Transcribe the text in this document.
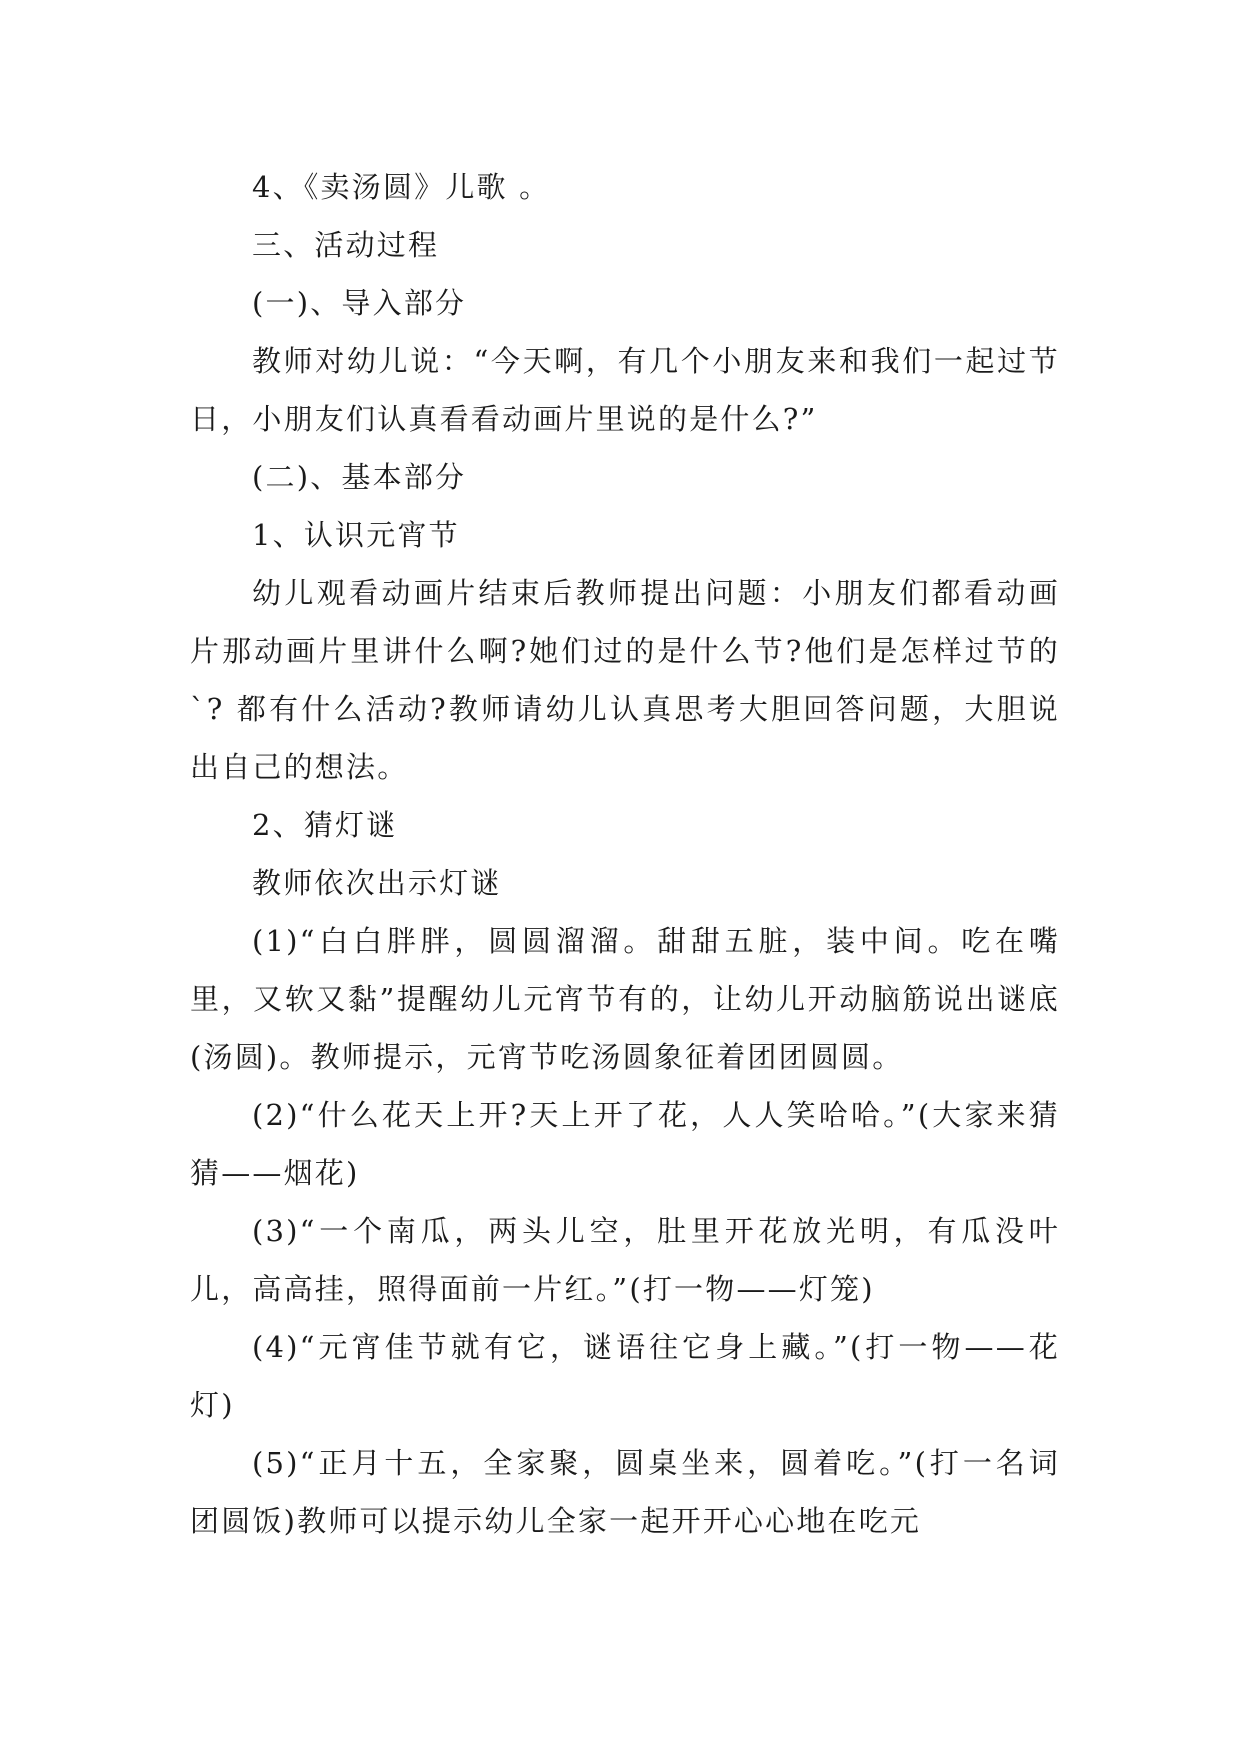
4、《卖汤圆》儿歌 。

三、活动过程

(一)、导入部分

教师对幼儿说：“今天啊，有几个小朋友来和我们一起过节日，小朋友们认真看看动画片里说的是什么?”

(二)、基本部分

1、认识元宵节

幼儿观看动画片结束后教师提出问题：小朋友们都看动画片那动画片里讲什么啊?她们过的是什么节?他们是怎样过节的`? 都有什么活动?教师请幼儿认真思考大胆回答问题，大胆说出自己的想法。

2、猜灯谜

教师依次出示灯谜

(1)“白白胖胖，圆圆溜溜。甜甜五脏，装中间。吃在嘴里，又软又黏”提醒幼儿元宵节有的，让幼儿开动脑筋说出谜底(汤圆)。教师提示，元宵节吃汤圆象征着团团圆圆。

(2)“什么花天上开?天上开了花，人人笑哈哈。”(大家来猜猜——烟花)

(3)“一个南瓜，两头儿空，肚里开花放光明，有瓜没叶儿，高高挂，照得面前一片红。”(打一物——灯笼)

(4)“元宵佳节就有它，谜语往它身上藏。”(打一物——花灯)

(5)“正月十五，全家聚，圆桌坐来，圆着吃。”(打一名词 团圆饭)教师可以提示幼儿全家一起开开心心地在吃元
